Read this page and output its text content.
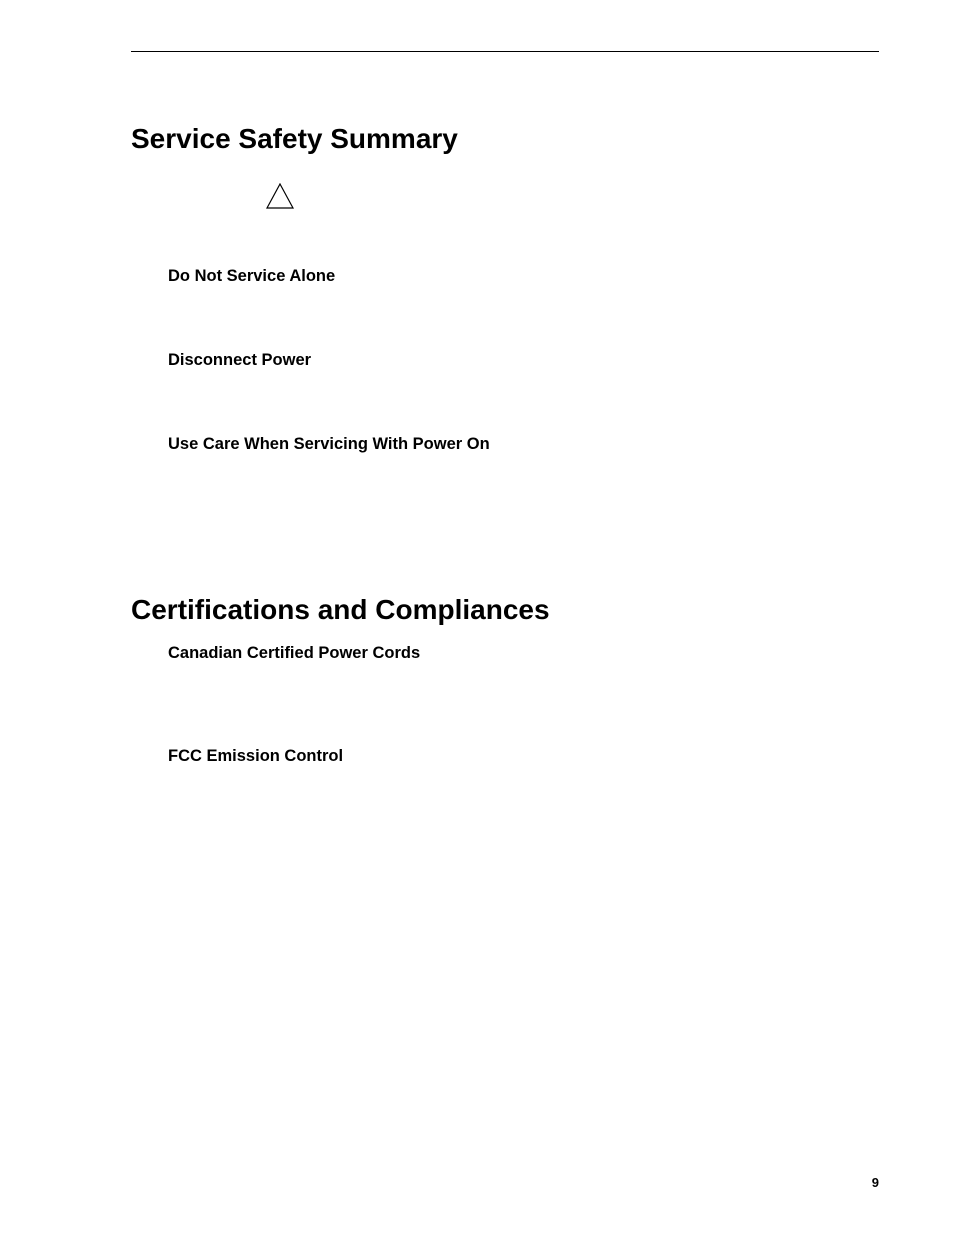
Service Safety Summary
Do Not Service Alone
Disconnect Power
Use Care When Servicing With Power On
Certifications and Compliances
Canadian Certified Power Cords
FCC Emission Control
9
